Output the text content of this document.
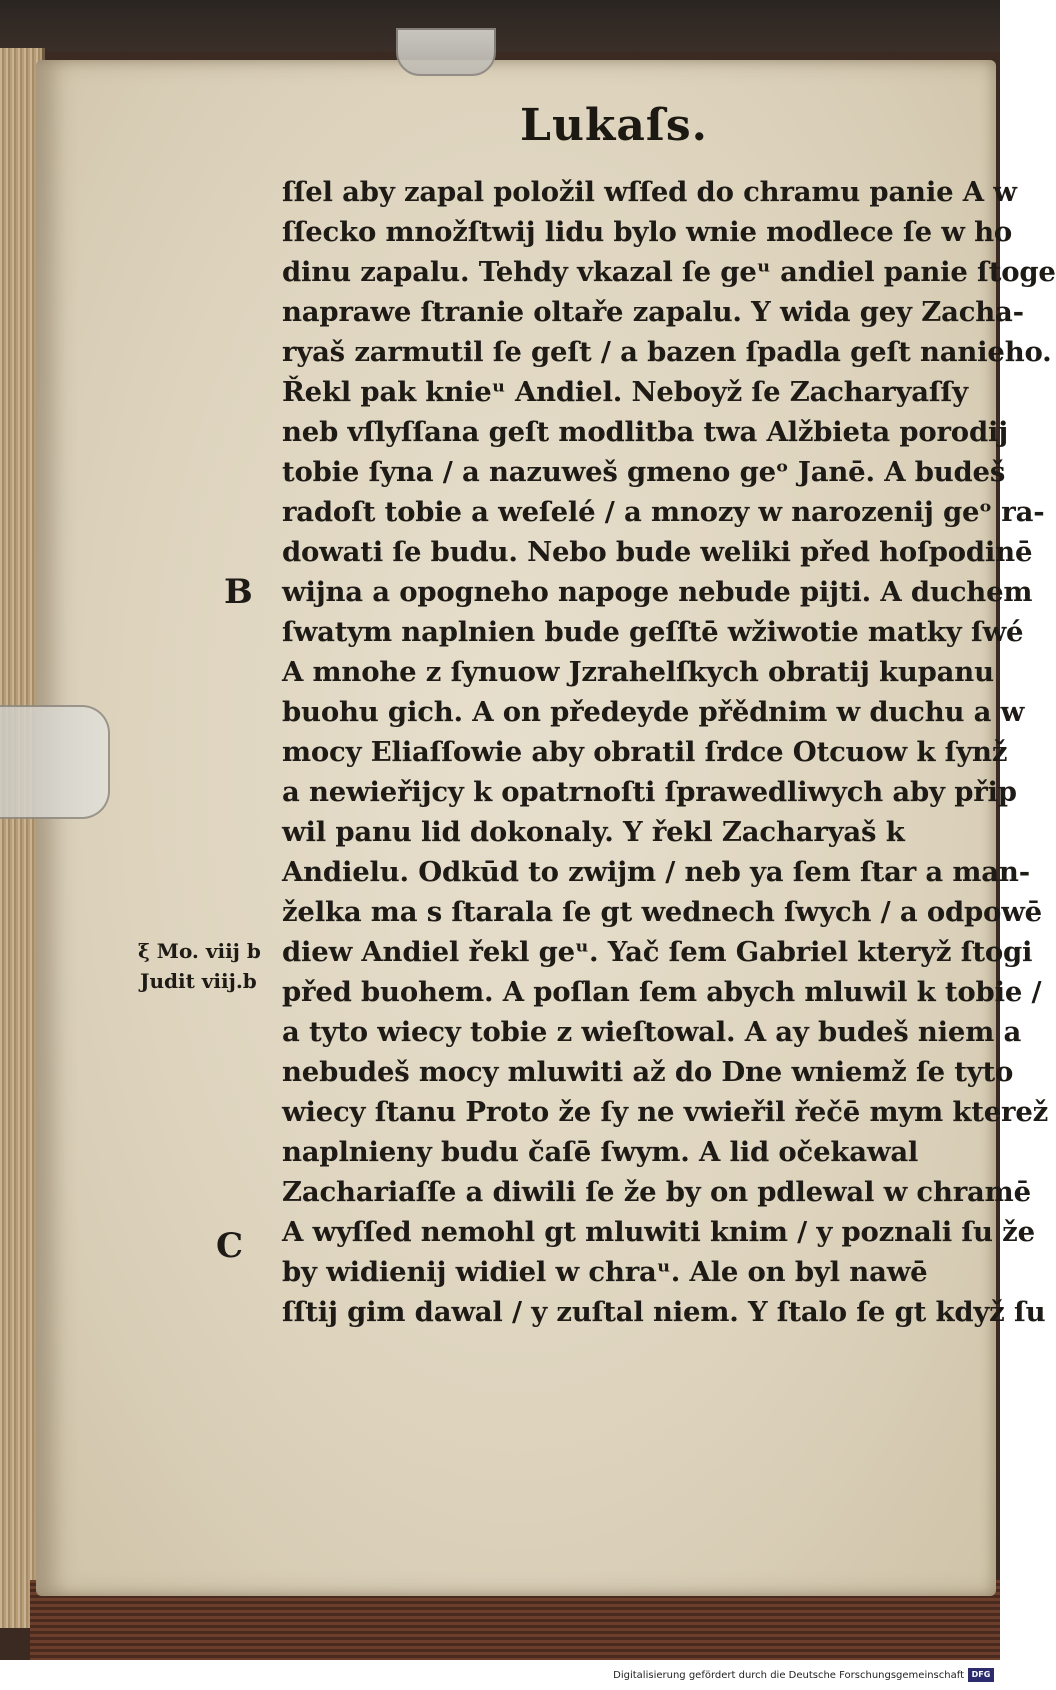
Lukaſs.
ſſel aby zapal položil wſſed do chramu panie A w
ſſecko množſtwij lidu bylo wnie modlece ſe w ho
dinu zapalu. Tehdy vkazal ſe geᵘ andiel panie ſtoge
naprawe ſtranie oltaře zapalu. Y wida gey Zacha-
ryaš zarmutil ſe geſt / a bazen ſpadla geſt nanieho.
Řekl pak knieᵘ Andiel. Neboyž ſe Zacharyaſſy
neb vſlyſſana geſt modlitba twa Alžbieta porodij
tobie ſyna / a nazuweš gmeno geᵒ Janē. A budeš
radoſt tobie a weſelé / a mnozy w narozenij geᵒ ra-
dowati ſe budu. Nebo bude weliki před hoſpodinē
wijna a opogneho napoge nebude pijti. A duchem
ſwatym naplnien bude geſſtē wžiwotie matky ſwé
A mnohe z ſynuow Jzrahelſkych obratij kupanu
buohu gich. A on předeyde přědnim w duchu a w
mocy Eliaſſowie aby obratil ſrdce Otcuow k ſynž
a newieřijcy k opatrnoſti ſprawedliwych aby přip
wil panu lid dokonaly. Y řekl Zacharyaš k
Andielu. Odkūd to zwijm / neb ya ſem ſtar a man-
želka ma s ſtarala ſe gt wednech ſwych / a odpowē
diew Andiel řekl geᵘ. Yač ſem Gabriel kteryž ſtogi
před buohem. A poſlan ſem abych mluwil k tobie /
a tyto wiecy tobie z wieſtowal. A ay budeš niem a
nebudeš mocy mluwiti až do Dne wniemž ſe tyto
wiecy ſtanu Proto že ſy ne vwieřil řečē mym kterež
naplnieny budu čaſē ſwym. A lid očekawal
Zachariaſſe a diwili ſe že by on pdlewal w chramē
A wyſſed nemohl gt mluwiti knim / y poznali ſu že
by widienij widiel w chraᵘ. Ale on byl nawē
ſſtij gim dawal / y zuſtal niem. Y ſtalo ſe gt když ſu
B
ξ Mo. viij b
Judit viij.b
C
Digitalisierung gefördert durch die Deutsche Forschungsgemeinschaft DFG
